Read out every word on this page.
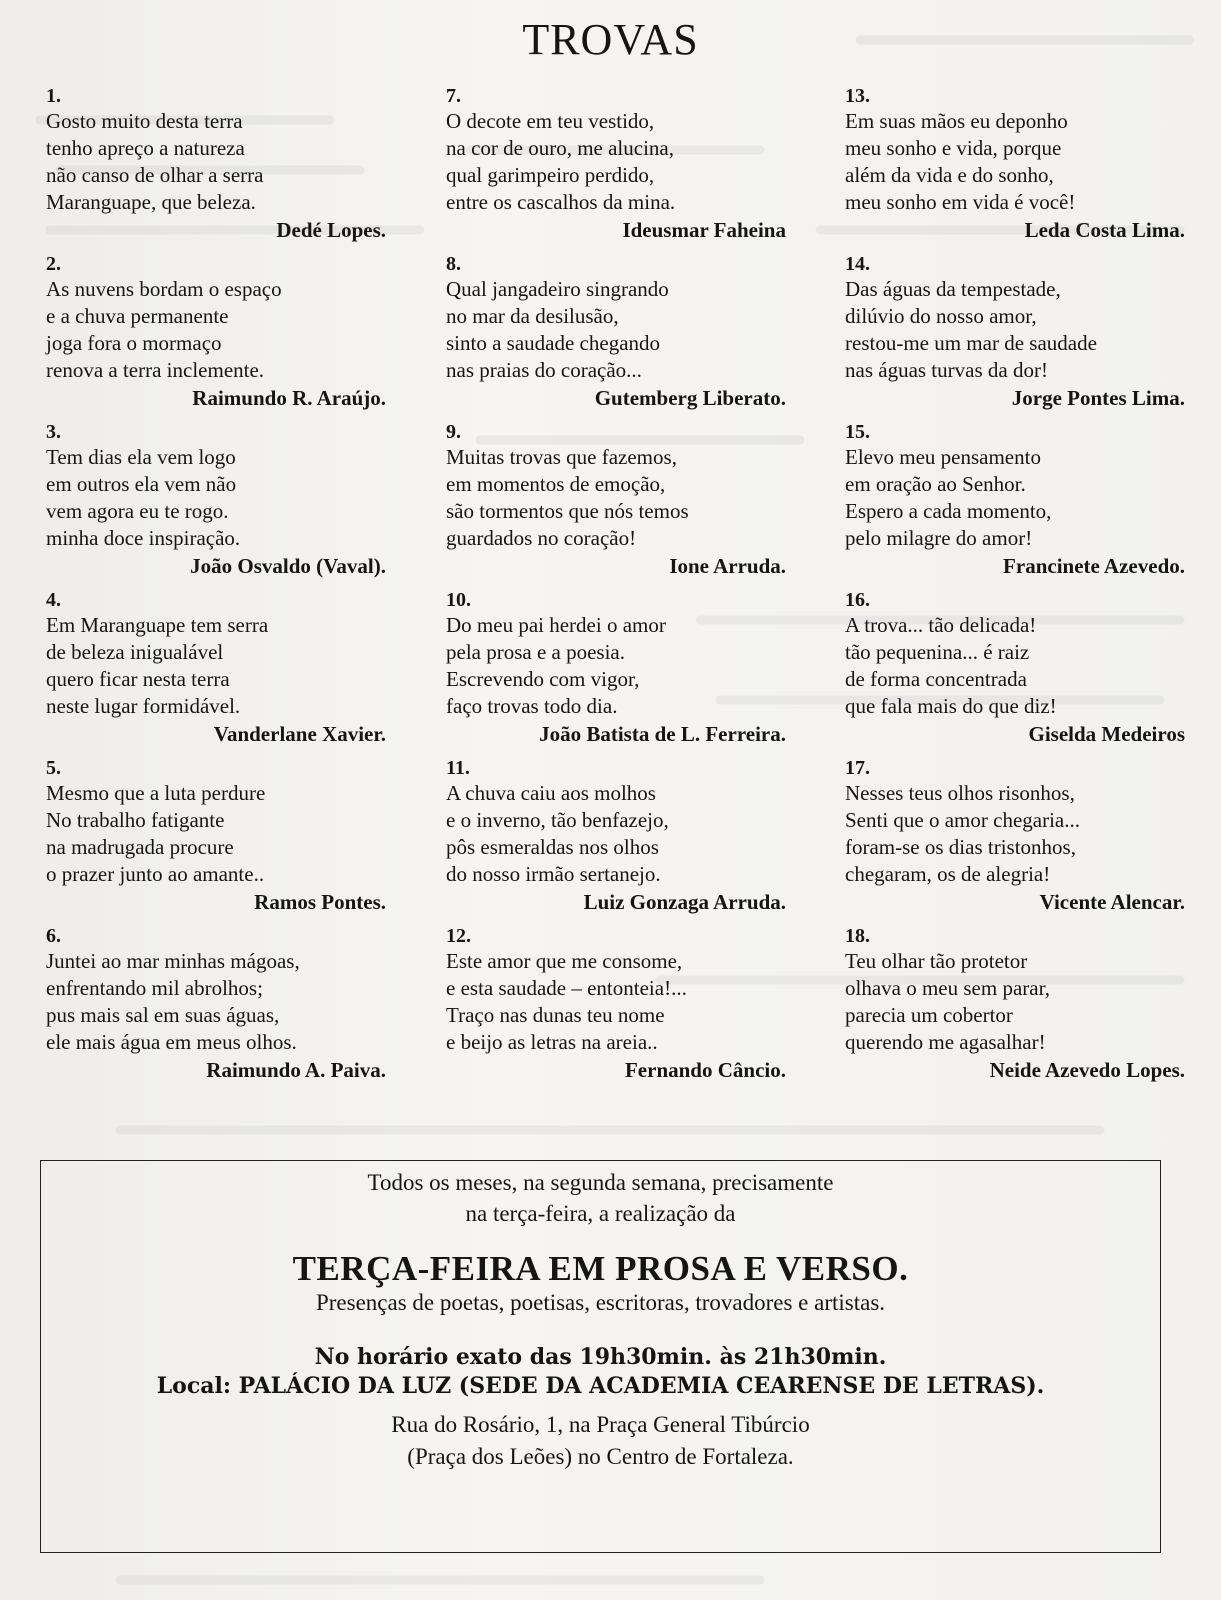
TROVAS
1.
Gosto muito desta terra
tenho apreço a natureza
não canso de olhar a serra
Maranguape, que beleza.
Dedé Lopes.
2.
As nuvens bordam o espaço
e a chuva permanente
joga fora o mormaço
renova a terra inclemente.
Raimundo R. Araújo.
3.
Tem dias ela vem logo
em outros ela vem não
vem agora eu te rogo.
minha doce inspiração.
João Osvaldo (Vaval).
4.
Em Maranguape tem serra
de beleza inigualável
quero ficar nesta terra
neste lugar formidável.
Vanderlane Xavier.
5.
Mesmo que a luta perdure
No trabalho fatigante
na madrugada procure
o prazer junto ao amante..
Ramos Pontes.
6.
Juntei ao mar minhas mágoas,
enfrentando mil abrolhos;
pus mais sal em suas águas,
ele mais água em meus olhos.
Raimundo A. Paiva.
7.
O decote em teu vestido,
na cor de ouro, me alucina,
qual garimpeiro perdido,
entre os cascalhos da mina.
Ideusmar Faheina
8.
Qual jangadeiro singrando
no mar da desilusão,
sinto a saudade chegando
nas praias do coração...
Gutemberg Liberato.
9.
Muitas trovas que fazemos,
em momentos de emoção,
são tormentos que nós temos
guardados no coração!
Ione Arruda.
10.
Do meu pai herdei o amor
pela prosa e a poesia.
Escrevendo com vigor,
faço trovas todo dia.
João Batista de L. Ferreira.
11.
A chuva caiu aos molhos
e o inverno, tão benfazejo,
pôs esmeraldas nos olhos
do nosso irmão sertanejo.
Luiz Gonzaga Arruda.
12.
Este amor que me consome,
e esta saudade – entonteia!...
Traço nas dunas teu nome
e beijo as letras na areia..
Fernando Câncio.
13.
Em suas mãos eu deponho
meu sonho e vida, porque
além da vida e do sonho,
meu sonho em vida é você!
Leda Costa Lima.
14.
Das águas da tempestade,
dilúvio do nosso amor,
restou-me um mar de saudade
nas águas turvas da dor!
Jorge Pontes Lima.
15.
Elevo meu pensamento
em oração ao Senhor.
Espero a cada momento,
pelo milagre do amor!
Francinete Azevedo.
16.
A trova... tão delicada!
tão pequenina... é raiz
de forma concentrada
que fala mais do que diz!
Giselda Medeiros
17.
Nesses teus olhos risonhos,
Senti que o amor chegaria...
foram-se os dias tristonhos,
chegaram, os de alegria!
Vicente Alencar.
18.
Teu olhar tão protetor
olhava o meu sem parar,
parecia um cobertor
querendo me agasalhar!
Neide Azevedo Lopes.
Todos os meses, na segunda semana, precisamente
na terça-feira, a realização da
TERÇA-FEIRA EM PROSA E VERSO.
Presenças de poetas, poetisas, escritoras, trovadores e artistas.
No horário exato das 19h30min. às 21h30min.
Local: PALÁCIO DA LUZ (SEDE DA ACADEMIA CEARENSE DE LETRAS).
Rua do Rosário, 1, na Praça General Tibúrcio
(Praça dos Leões) no Centro de Fortaleza.
